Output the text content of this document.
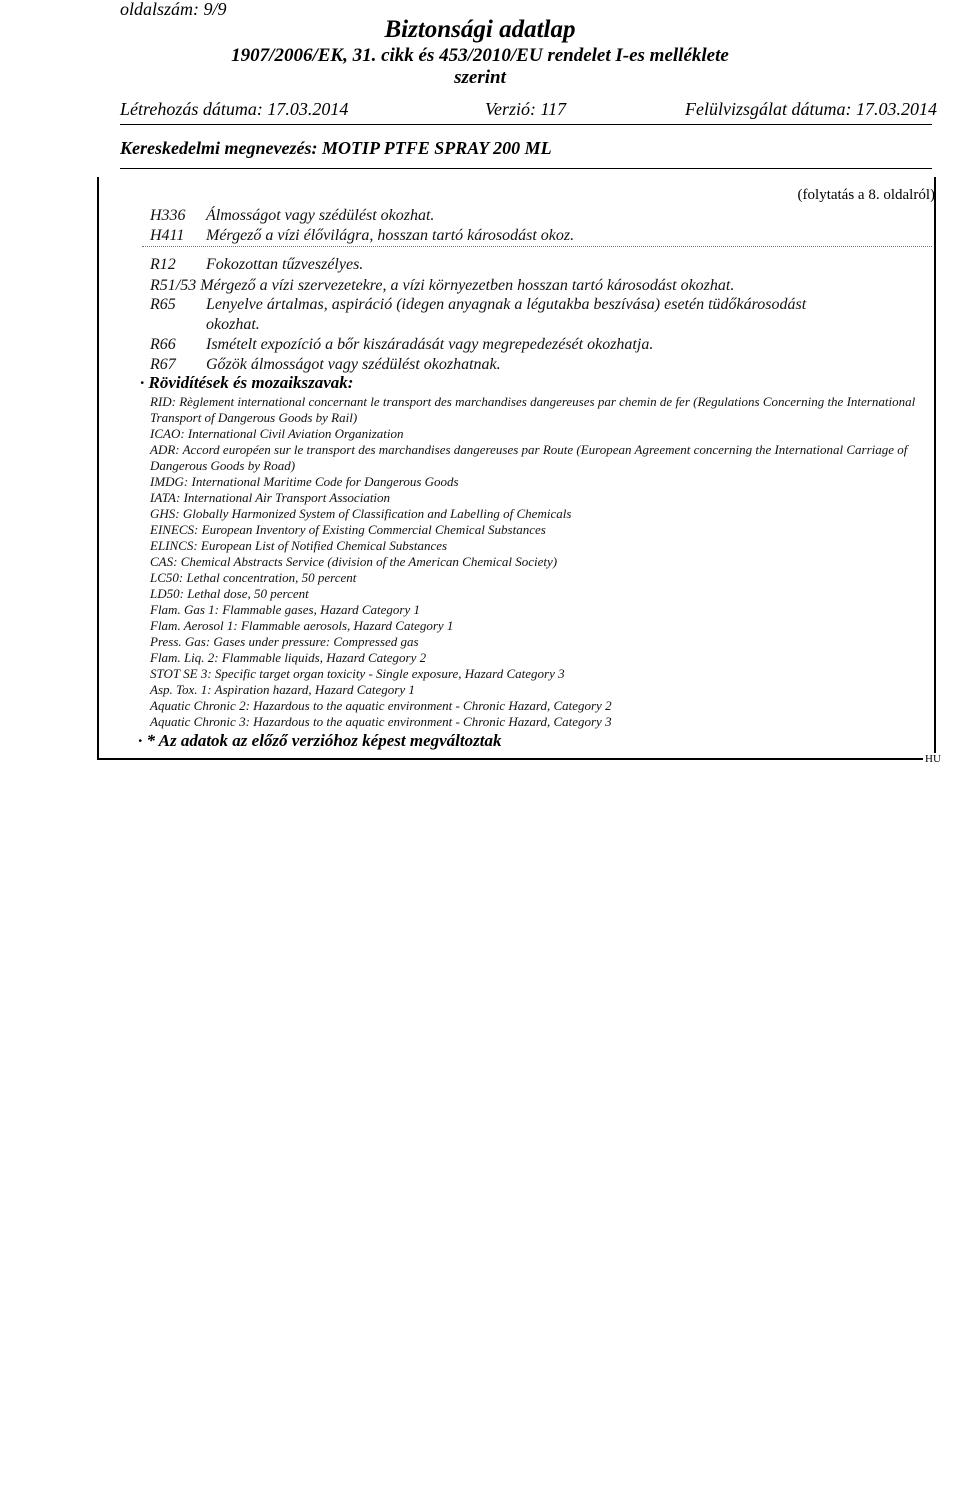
oldalszám: 9/9
Biztonsági adatlap
1907/2006/EK, 31. cikk és 453/2010/EU rendelet I-es melléklete
szerint
Létrehozás dátuma: 17.03.2014	Verzió: 117	Felülvizsgálat dátuma: 17.03.2014
Kereskedelmi megnevezés: MOTIP PTFE SPRAY 200 ML
(folytatás a 8. oldalról)
H336 Álmosságot vagy szédülést okozhat.
H411 Mérgező a vízi élővilágra, hosszan tartó károsodást okoz.
R12 Fokozottan tűzveszélyes.
R51/53 Mérgező a vízi szervezetekre, a vízi környezetben hosszan tartó károsodást okozhat.
R65 Lenyelve ártalmas, aspiráció (idegen anyagnak a légutakba beszívása) esetén tüdőkárosodást
okozhat.
R66 Ismételt expozíció a bőr kiszáradását vagy megrepedezését okozhatja.
R67 Gőzök álmosságot vagy szédülést okozhatnak.
· Rövidítések és mozaikszavak:
RID: Règlement international concernant le transport des marchandises dangereuses par chemin de fer (Regulations Concerning the International Transport of Dangerous Goods by Rail)
ICAO: International Civil Aviation Organization
ADR: Accord européen sur le transport des marchandises dangereuses par Route (European Agreement concerning the International Carriage of Dangerous Goods by Road)
IMDG: International Maritime Code for Dangerous Goods
IATA: International Air Transport Association
GHS: Globally Harmonized System of Classification and Labelling of Chemicals
EINECS: European Inventory of Existing Commercial Chemical Substances
ELINCS: European List of Notified Chemical Substances
CAS: Chemical Abstracts Service (division of the American Chemical Society)
LC50: Lethal concentration, 50 percent
LD50: Lethal dose, 50 percent
Flam. Gas 1: Flammable gases, Hazard Category 1
Flam. Aerosol 1: Flammable aerosols, Hazard Category 1
Press. Gas: Gases under pressure: Compressed gas
Flam. Liq. 2: Flammable liquids, Hazard Category 2
STOT SE 3: Specific target organ toxicity - Single exposure, Hazard Category 3
Asp. Tox. 1: Aspiration hazard, Hazard Category 1
Aquatic Chronic 2: Hazardous to the aquatic environment - Chronic Hazard, Category 2
Aquatic Chronic 3: Hazardous to the aquatic environment - Chronic Hazard, Category 3
· * Az adatok az előző verzióhoz képest megváltoztak
HU
